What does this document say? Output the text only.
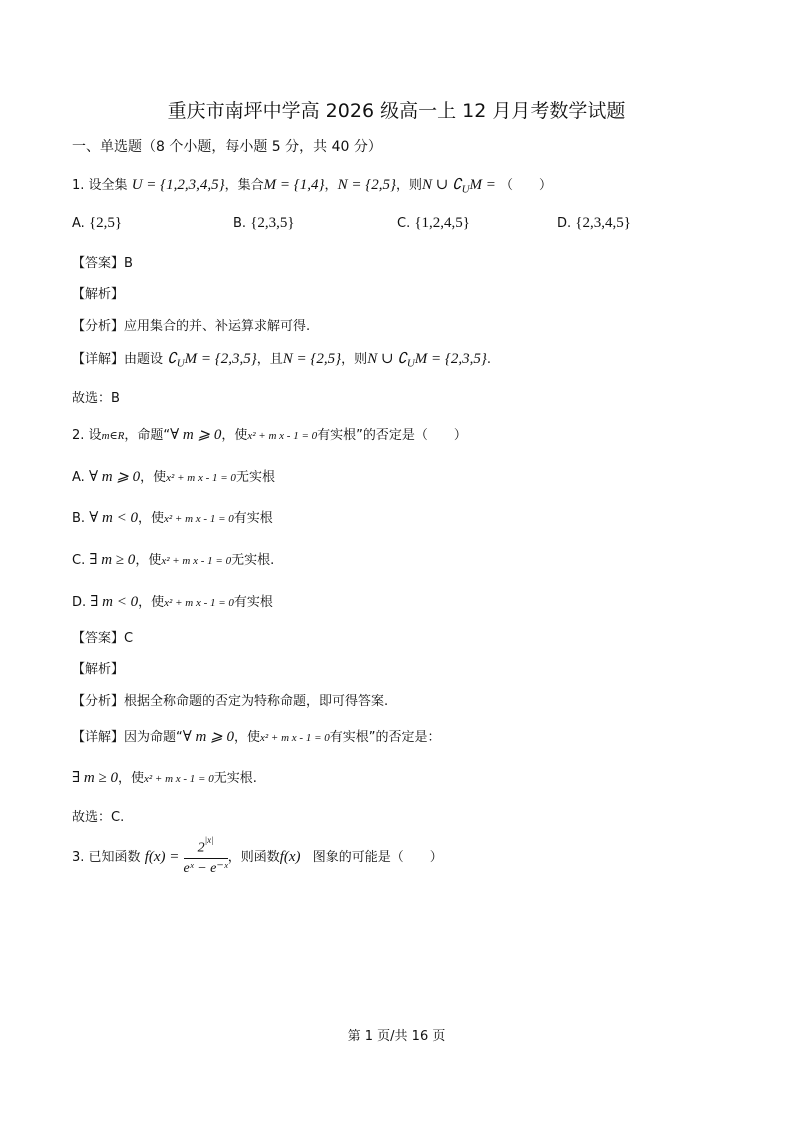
重庆市南坪中学高 2026 级高一上 12 月月考数学试题
一、单选题（8 个小题，每小题 5 分，共 40 分）
1. 设全集 U = {1,2,3,4,5}，集合M = {1,4}，N = {2,5}，则N ∪ $∁_UM$ = （　　）
A. {2,5}	B. {2,3,5}	C. {1,2,4,5}	D. {2,3,4,5}
【答案】B
【解析】
【分析】应用集合的并、补运算求解可得.
【详解】由题设 $∁_UM = \{2,3,5\}$，且N = {2,5}，则N ∪ $∁_UM = \{2,3,5\}$.
故选：B
2. 设m∈R，命题“∀ m ⩾ 0，使x² + m x - 1 = 0有实根”的否定是（　　）
A. ∀ m ⩾ 0，使x² + m x - 1 = 0无实根
B. ∀ m < 0，使x² + m x - 1 = 0有实根
C. ∃ m ≥ 0，使x² + m x - 1 = 0无实根.
D. ∃ m < 0，使x² + m x - 1 = 0有实根
【答案】C
【解析】
【分析】根据全称命题的否定为特称命题，即可得答案.
【详解】因为命题“∀ m ⩾ 0，使x² + m x - 1 = 0有实根”的否定是：
∃ m ≥ 0，使x² + m x - 1 = 0无实根.
故选：C.
3. 已知函数 $f(x) = \frac{2^{|x|}}{\text{eˣ − e⁻ˣ}}$ ，则函数f(x) 图象的可能是（　　）
第 1 页/共 16 页
